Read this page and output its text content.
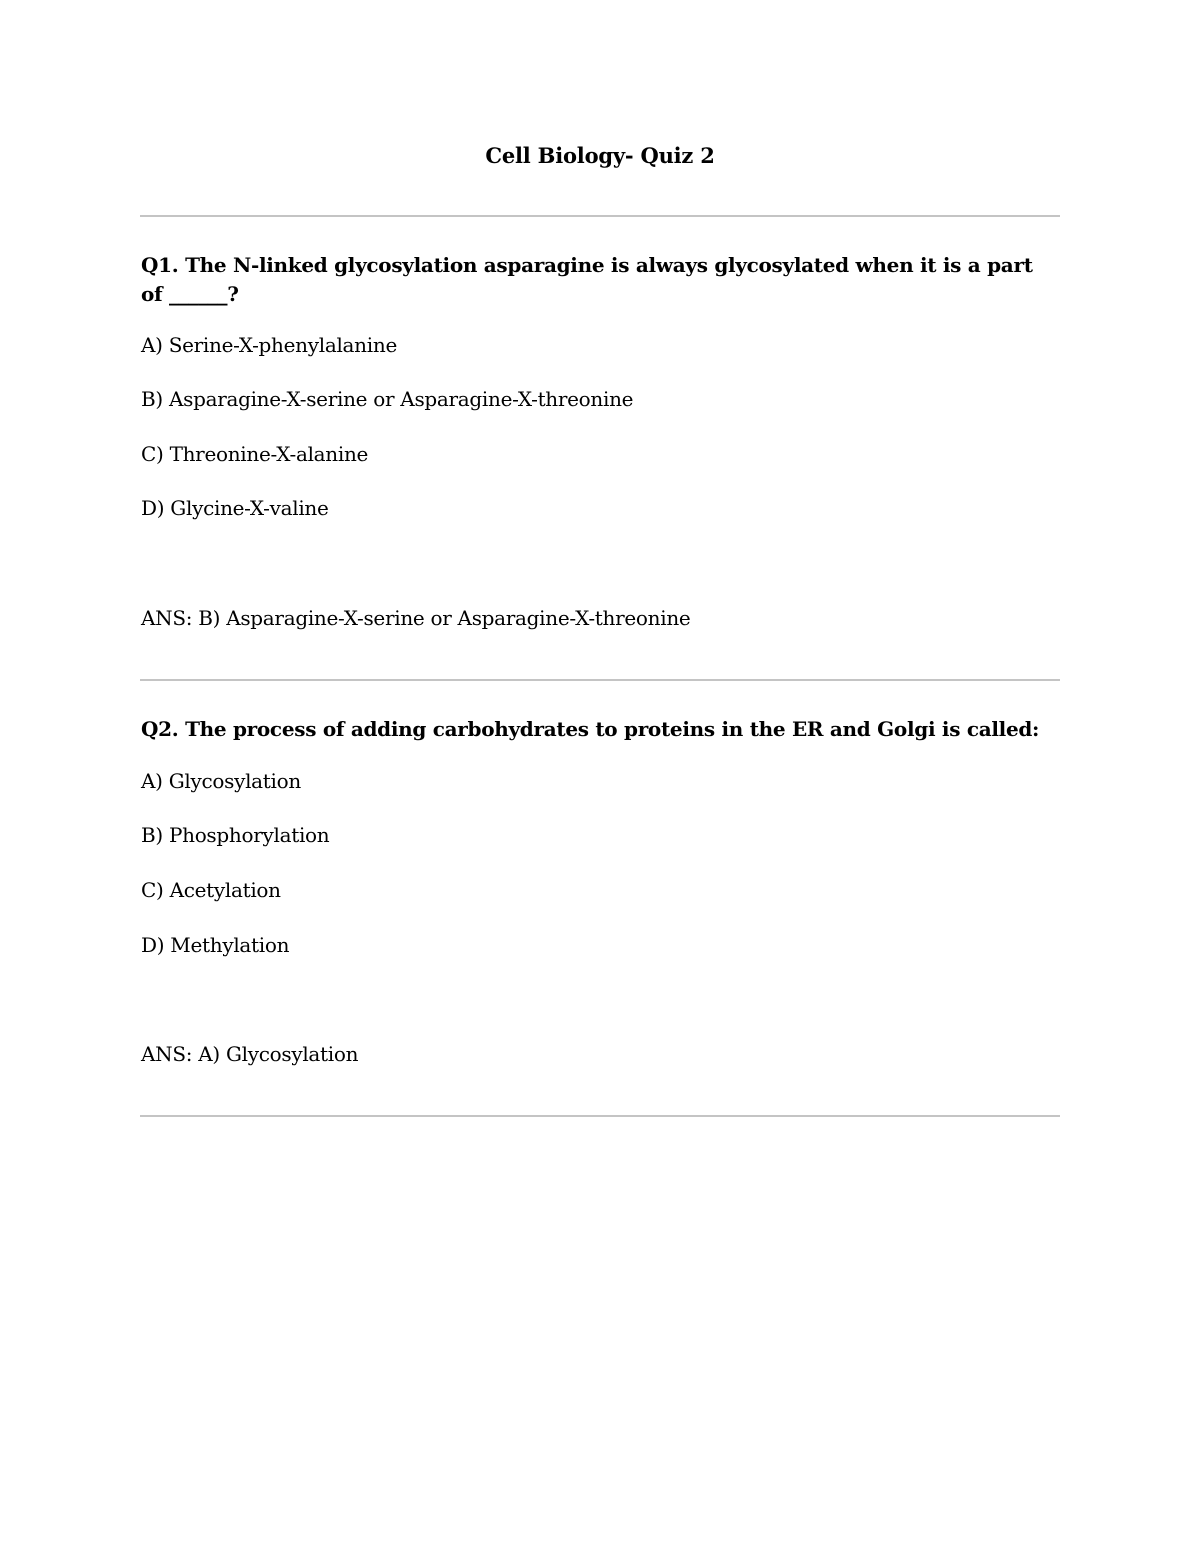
Cell Biology- Quiz 2
Q1. The N-linked glycosylation asparagine is always glycosylated when it is a part of ______?
A) Serine-X-phenylalanine
B) Asparagine-X-serine or Asparagine-X-threonine
C) Threonine-X-alanine
D) Glycine-X-valine
ANS: B) Asparagine-X-serine or Asparagine-X-threonine
Q2. The process of adding carbohydrates to proteins in the ER and Golgi is called:
A) Glycosylation
B) Phosphorylation
C) Acetylation
D) Methylation
ANS: A) Glycosylation
